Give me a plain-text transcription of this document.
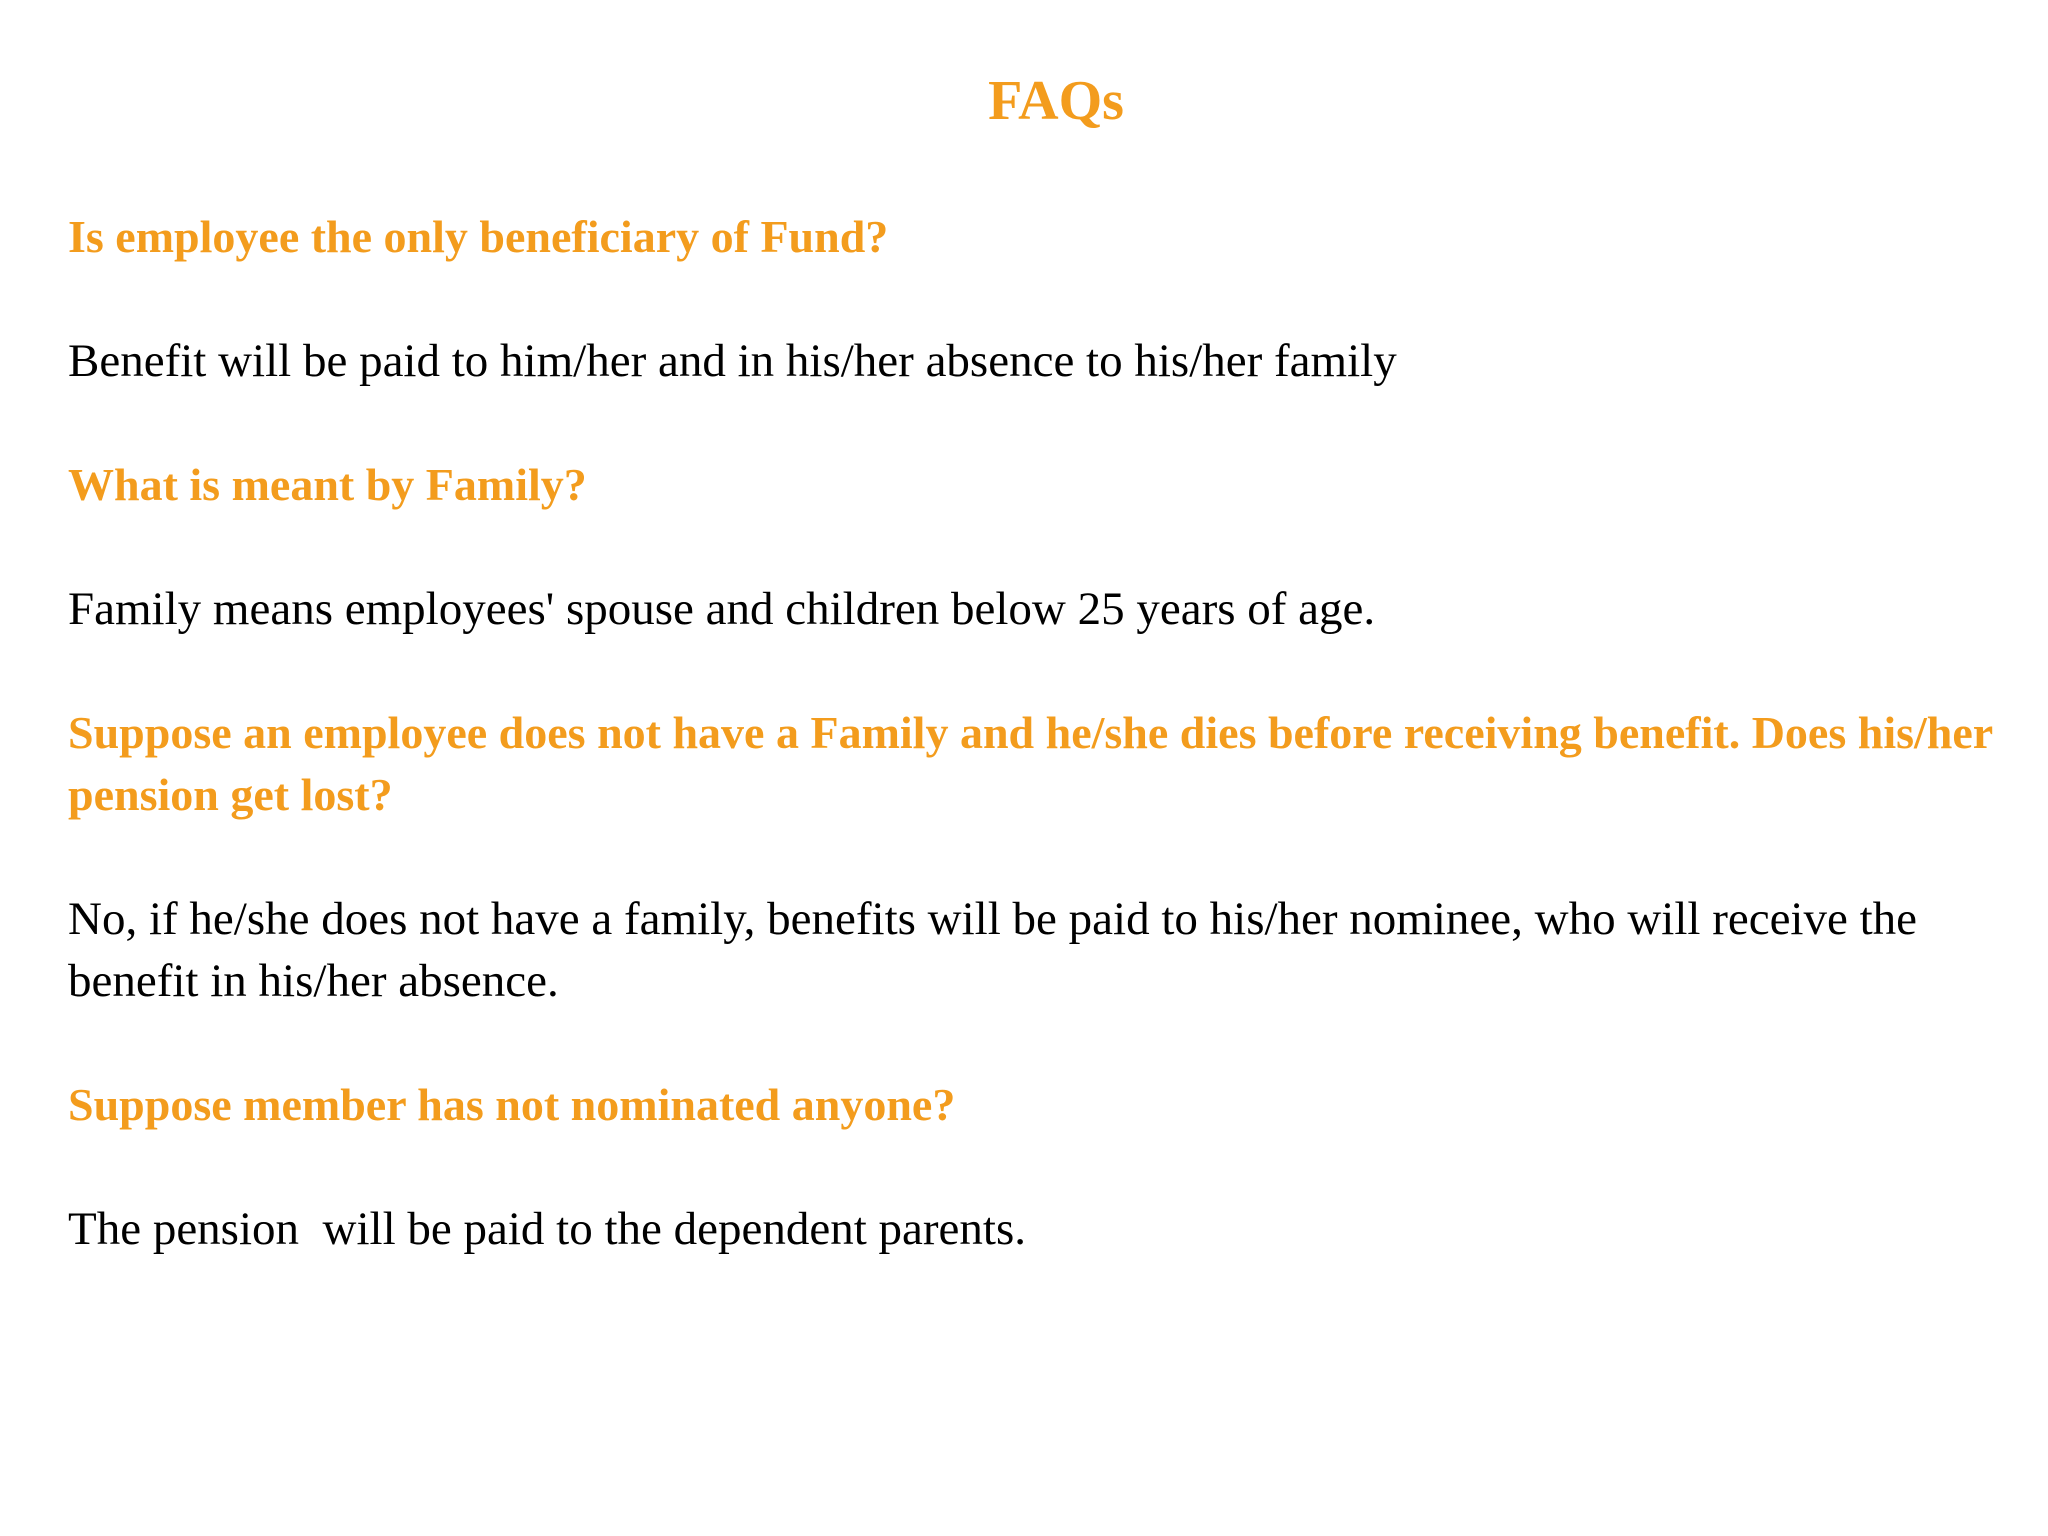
FAQs

Is employee the only beneficiary of Fund?

Benefit will be paid to him/her and in his/her absence to his/her family

What is meant by Family?

Family means employees' spouse and children below 25 years of age.

Suppose an employee does not have a Family and he/she dies before receiving benefit. Does his/her pension get lost?

No, if he/she does not have a family, benefits will be paid to his/her nominee, who will receive the benefit in his/her absence.

Suppose member has not nominated anyone?

The pension  will be paid to the dependent parents.
